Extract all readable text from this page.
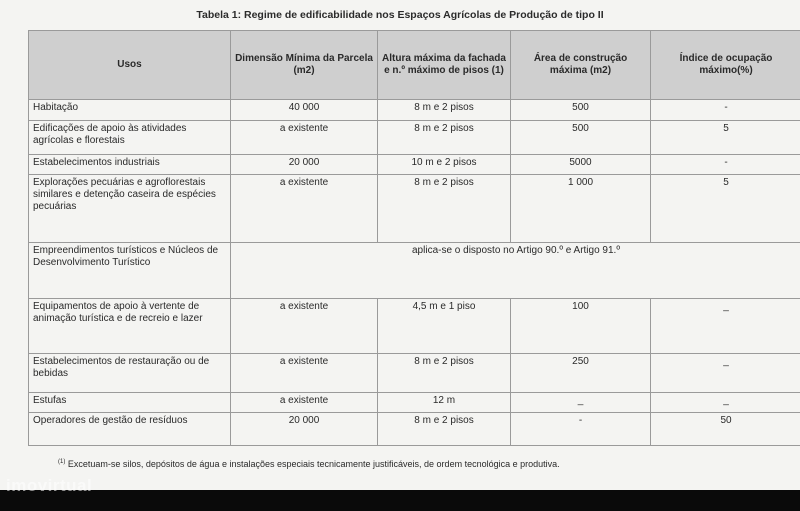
Tabela 1: Regime de edificabilidade nos Espaços Agrícolas de Produção de tipo II
Usos	Dimensão Mínima da Parcela (m2)	Altura máxima da fachada e n.º máximo de pisos (1)	Área de construção máxima (m2)	Índice de ocupação máximo(%)
Habitação	40 000	8 m e 2 pisos	500	-
Edificações de apoio às atividades agrícolas e florestais	a existente	8 m e 2 pisos	500	5
Estabelecimentos industriais	20 000	10 m e 2 pisos	5000	-
Explorações pecuárias e agroflorestais similares e detenção caseira de espécies pecuárias	a existente	8 m e 2 pisos	1 000	5
Empreendimentos turísticos e Núcleos de Desenvolvimento Turístico	aplica-se o disposto no Artigo 90.º e Artigo 91.º			
Equipamentos de apoio à vertente de animação turística e de recreio e lazer	a existente	4,5 m e 1 piso	100	_
Estabelecimentos de restauração ou de bebidas	a existente	8 m e 2 pisos	250	_
Estufas	a existente	12 m	_	_
Operadores de gestão de resíduos	20 000	8 m e 2 pisos	-	50
$^{(1)}$ Excetuam-se silos, depósitos de água e instalações especiais tecnicamente justificáveis, de ordem tecnológica e produtiva.
imovirtual
